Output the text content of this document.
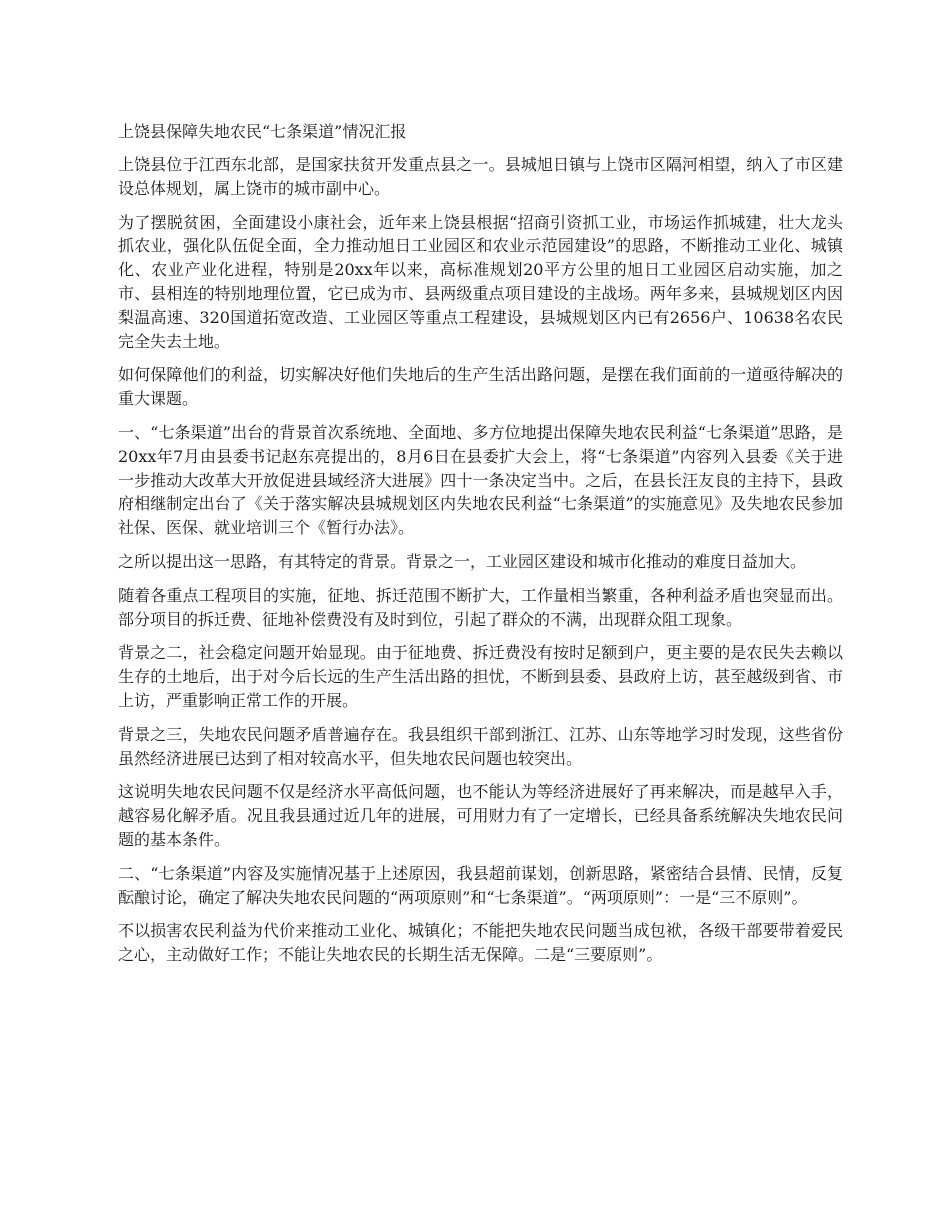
上饶县保障失地农民“七条渠道”情况汇报

上饶县位于江西东北部，是国家扶贫开发重点县之一。县城旭日镇与上饶市区隔河相望，纳入了市区建设总体规划，属上饶市的城市副中心。

为了摆脱贫困，全面建设小康社会，近年来上饶县根据“招商引资抓工业，市场运作抓城建，壮大龙头抓农业，强化队伍促全面，全力推动旭日工业园区和农业示范园建设”的思路，不断推动工业化、城镇化、农业产业化进程，特别是20xx年以来，高标准规划20平方公里的旭日工业园区启动实施，加之市、县相连的特别地理位置，它已成为市、县两级重点项目建设的主战场。两年多来，县城规划区内因梨温高速、320国道拓宽改造、工业园区等重点工程建设，县城规划区内已有2656户、10638名农民完全失去土地。

如何保障他们的利益，切实解决好他们失地后的生产生活出路问题，是摆在我们面前的一道亟待解决的重大课题。

一、“七条渠道”出台的背景首次系统地、全面地、多方位地提出保障失地农民利益“七条渠道”思路，是20xx年7月由县委书记赵东亮提出的，8月6日在县委扩大会上，将“七条渠道”内容列入县委《关于进一步推动大改革大开放促进县域经济大进展》四十一条决定当中。之后，在县长汪友良的主持下，县政府相继制定出台了《关于落实解决县城规划区内失地农民利益“七条渠道”的实施意见》及失地农民参加社保、医保、就业培训三个《暂行办法》。

之所以提出这一思路，有其特定的背景。背景之一，工业园区建设和城市化推动的难度日益加大。

随着各重点工程项目的实施，征地、拆迁范围不断扩大，工作量相当繁重，各种利益矛盾也突显而出。部分项目的拆迁费、征地补偿费没有及时到位，引起了群众的不满，出现群众阻工现象。

背景之二，社会稳定问题开始显现。由于征地费、拆迁费没有按时足额到户，更主要的是农民失去赖以生存的土地后，出于对今后长远的生产生活出路的担忧，不断到县委、县政府上访，甚至越级到省、市上访，严重影响正常工作的开展。

背景之三，失地农民问题矛盾普遍存在。我县组织干部到浙江、江苏、山东等地学习时发现，这些省份虽然经济进展已达到了相对较高水平，但失地农民问题也较突出。

这说明失地农民问题不仅是经济水平高低问题，也不能认为等经济进展好了再来解决，而是越早入手，越容易化解矛盾。况且我县通过近几年的进展，可用财力有了一定增长，已经具备系统解决失地农民问题的基本条件。

二、“七条渠道”内容及实施情况基于上述原因，我县超前谋划，创新思路，紧密结合县情、民情，反复酝酿讨论，确定了解决失地农民问题的“两项原则”和“七条渠道”。“两项原则”：一是“三不原则”。

不以损害农民利益为代价来推动工业化、城镇化；不能把失地农民问题当成包袱，各级干部要带着爱民之心，主动做好工作；不能让失地农民的长期生活无保障。二是“三要原则”。
